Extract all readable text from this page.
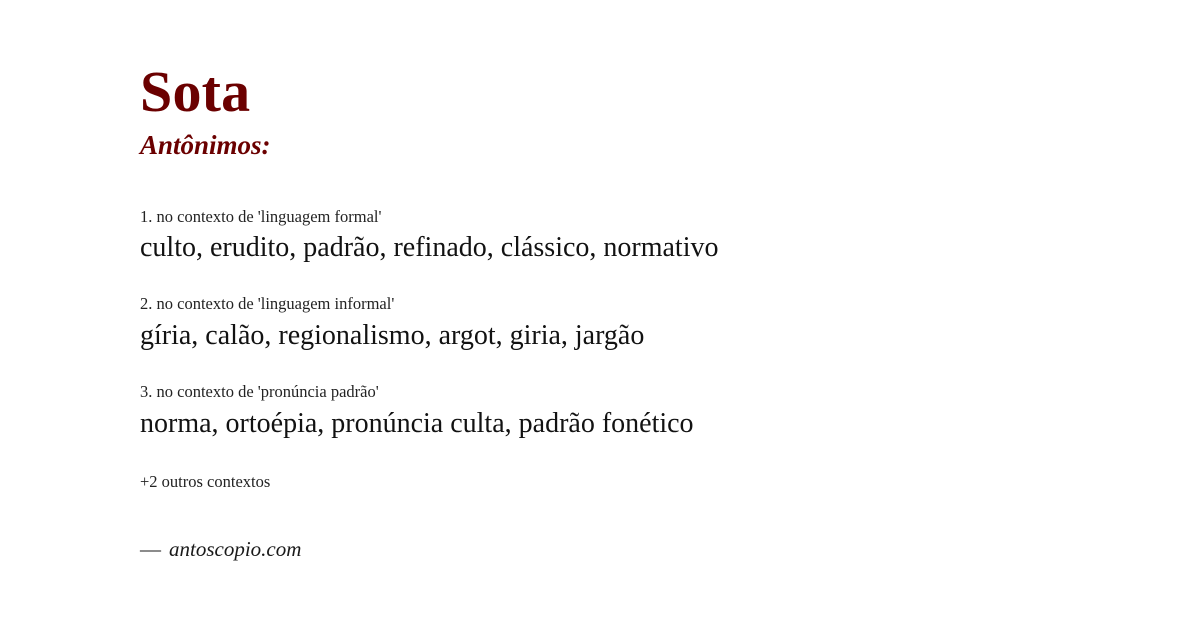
Sota
Antônimos:
1. no contexto de 'linguagem formal'
culto, erudito, padrão, refinado, clássico, normativo
2. no contexto de 'linguagem informal'
gíria, calão, regionalismo, argot, giria, jargão
3. no contexto de 'pronúncia padrão'
norma, ortoépia, pronúncia culta, padrão fonético
+2 outros contextos
— antoscopio.com
